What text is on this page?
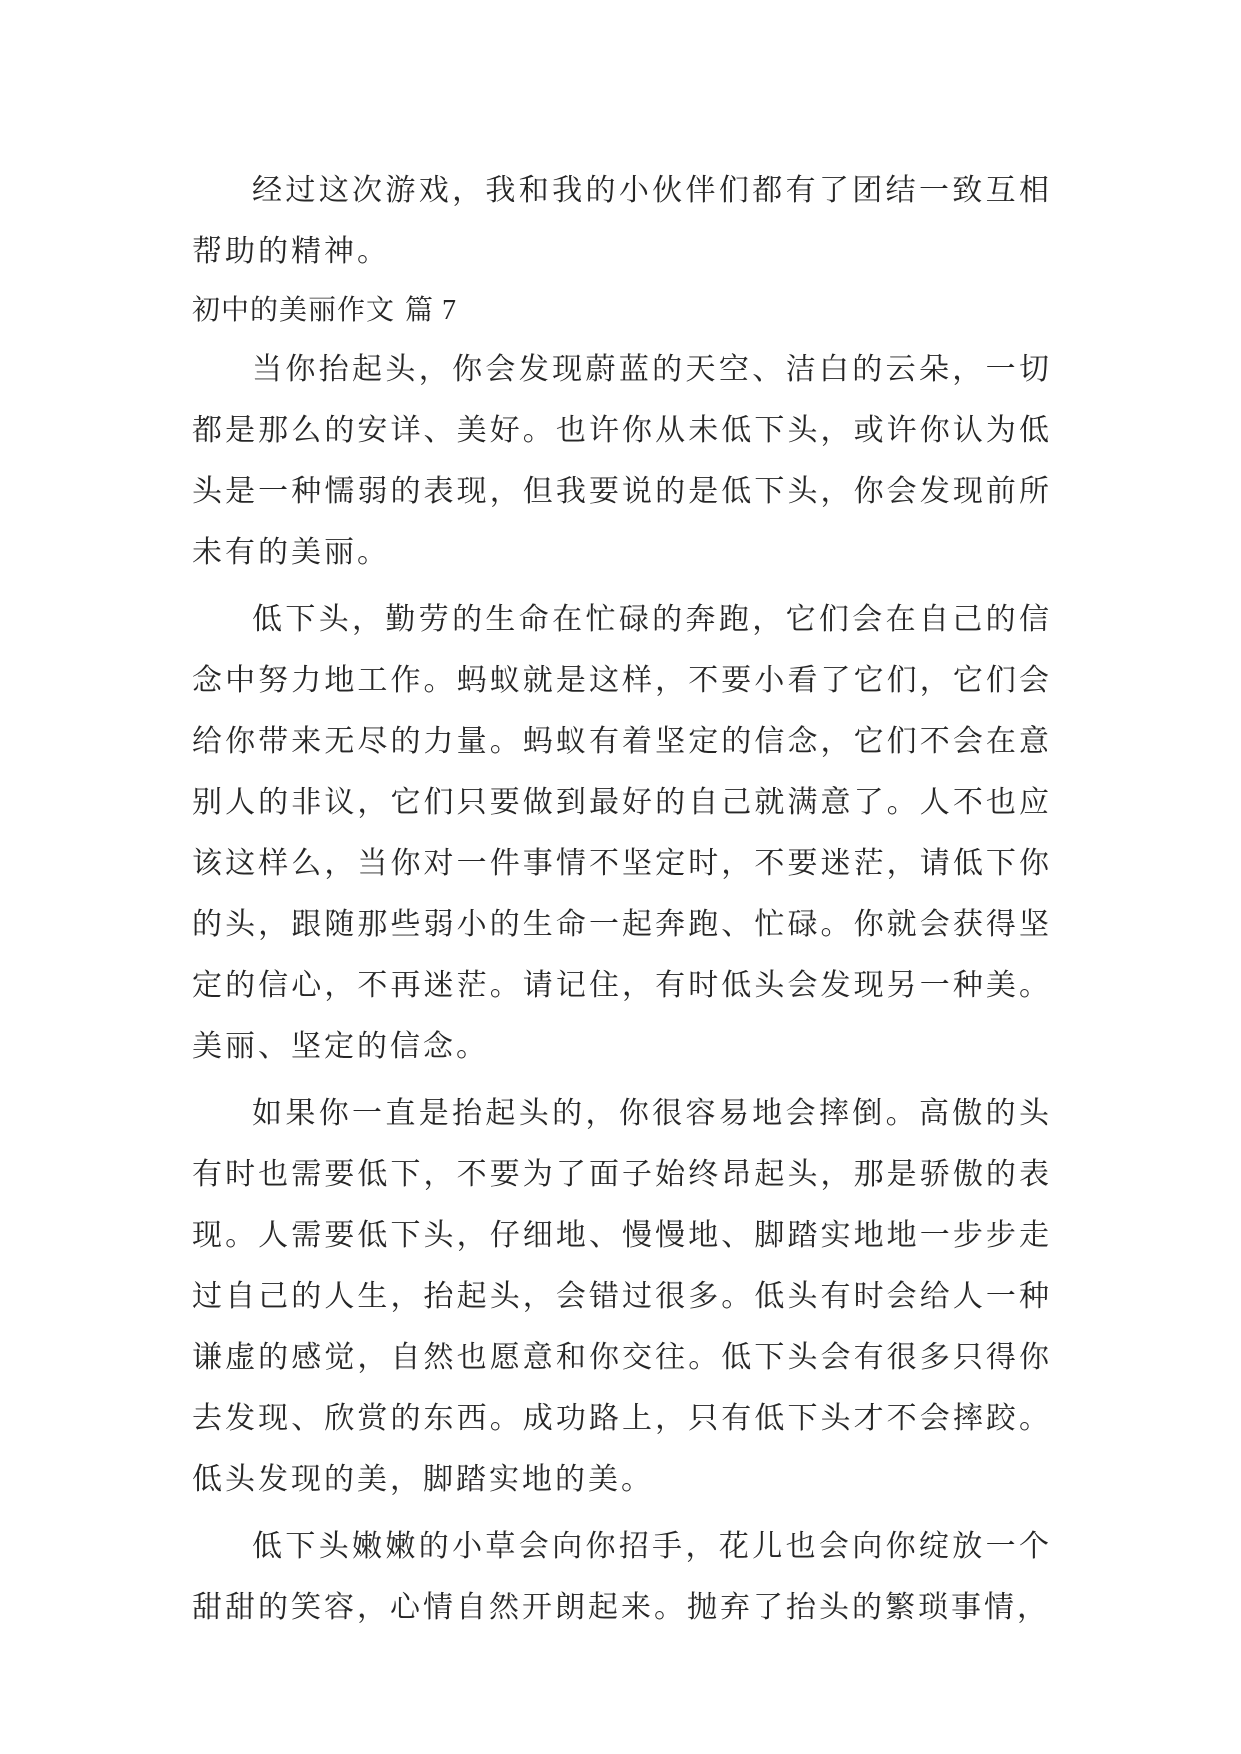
经过这次游戏，我和我的小伙伴们都有了团结一致互相帮助的精神。

初中的美丽作文 篇 7

当你抬起头，你会发现蔚蓝的天空、洁白的云朵，一切都是那么的安详、美好。也许你从未低下头，或许你认为低头是一种懦弱的表现，但我要说的是低下头，你会发现前所未有的美丽。

低下头，勤劳的生命在忙碌的奔跑，它们会在自己的信念中努力地工作。蚂蚁就是这样，不要小看了它们，它们会给你带来无尽的力量。蚂蚁有着坚定的信念，它们不会在意别人的非议，它们只要做到最好的自己就满意了。人不也应该这样么，当你对一件事情不坚定时，不要迷茫，请低下你的头，跟随那些弱小的生命一起奔跑、忙碌。你就会获得坚定的信心，不再迷茫。请记住，有时低头会发现另一种美。美丽、坚定的信念。

如果你一直是抬起头的，你很容易地会摔倒。高傲的头有时也需要低下，不要为了面子始终昂起头，那是骄傲的表现。人需要低下头，仔细地、慢慢地、脚踏实地地一步步走过自己的人生，抬起头，会错过很多。低头有时会给人一种谦虚的感觉，自然也愿意和你交往。低下头会有很多只得你去发现、欣赏的东西。成功路上，只有低下头才不会摔跤。低头发现的美，脚踏实地的美。

低下头嫩嫩的小草会向你招手，花儿也会向你绽放一个甜甜的笑容，心情自然开朗起来。抛弃了抬头的繁琐事情，
